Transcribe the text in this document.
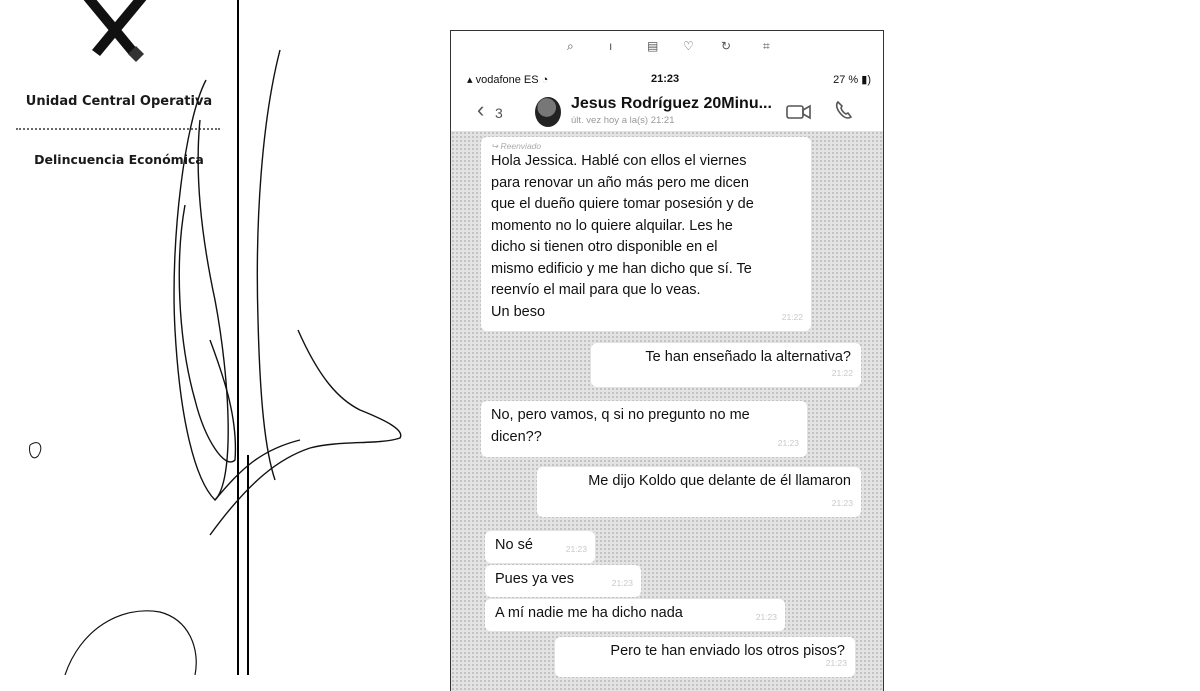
Unidad Central Operativa
Delincuencia Económica
⌕	ı	▤ ♡ ↻	⌗
▴ vodafone ES ◔	21:23	27 % ▮)
‹ 3
Jesus Rodríguez 20Minu...
últ. vez hoy a la(s) 21:21
↪ Reenviado
Hola Jessica. Hablé con ellos el viernes
para renovar un año más pero me dicen
que el dueño quiere tomar posesión y de
momento no lo quiere alquilar. Les he
dicho si tienen otro disponible en el
mismo edificio y me han dicho que sí. Te
reenvío el mail para que lo veas.
Un beso	21:22
Te han enseñado la alternativa?
21:22
No, pero vamos, q si no pregunto no me
dicen??	21:23
Me dijo Koldo que delante de él llamaron
21:23
No sé	21:23
Pues ya ves	21:23
A mí nadie me ha dicho nada	21:23
Pero te han enviado los otros pisos?
21:23
